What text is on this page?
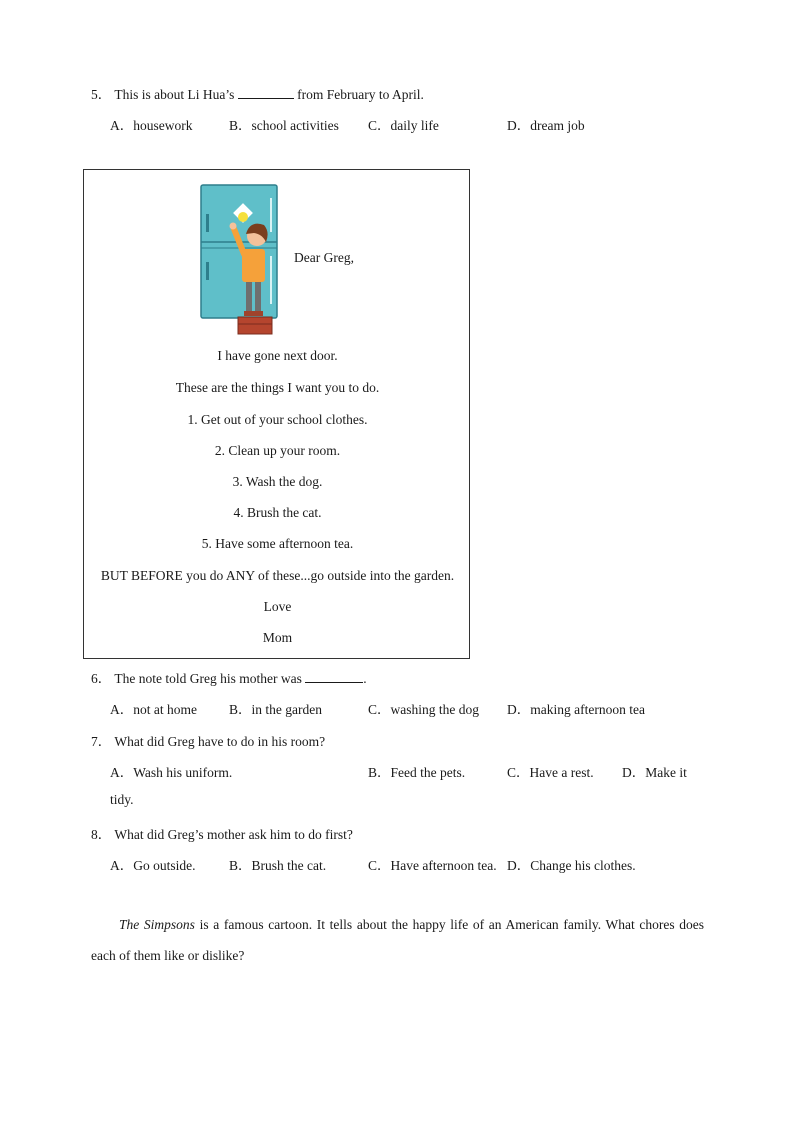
5． This is about Li Hua’s	from February to April.
A．housework	B．school activities C．daily life	D．dream job
Dear Greg,
I have gone next door.
These are the things I want you to do.
1. Get out of your school clothes.
2. Clean up your room.
3. Wash the dog.
4. Brush the cat.
5. Have some afternoon tea.
BUT BEFORE you do ANY of these...go outside into the garden.
Love
Mom
6． The note told Greg his mother was	.
A．not at home B．in the garden	C．washing the dog D．making afternoon tea
7． What did Greg have to do in his room?
A．Wash his uniform.	B．Feed the pets.	C．Have a rest. D．Make it
tidy.
8． What did Greg’s mother ask him to do first?
A．Go outside. B．Brush the cat.	C．Have afternoon tea. D．Change his clothes.
The Simpsons is a famous cartoon. It tells about the happy life of an American family. What chores does each of them like or dislike?
